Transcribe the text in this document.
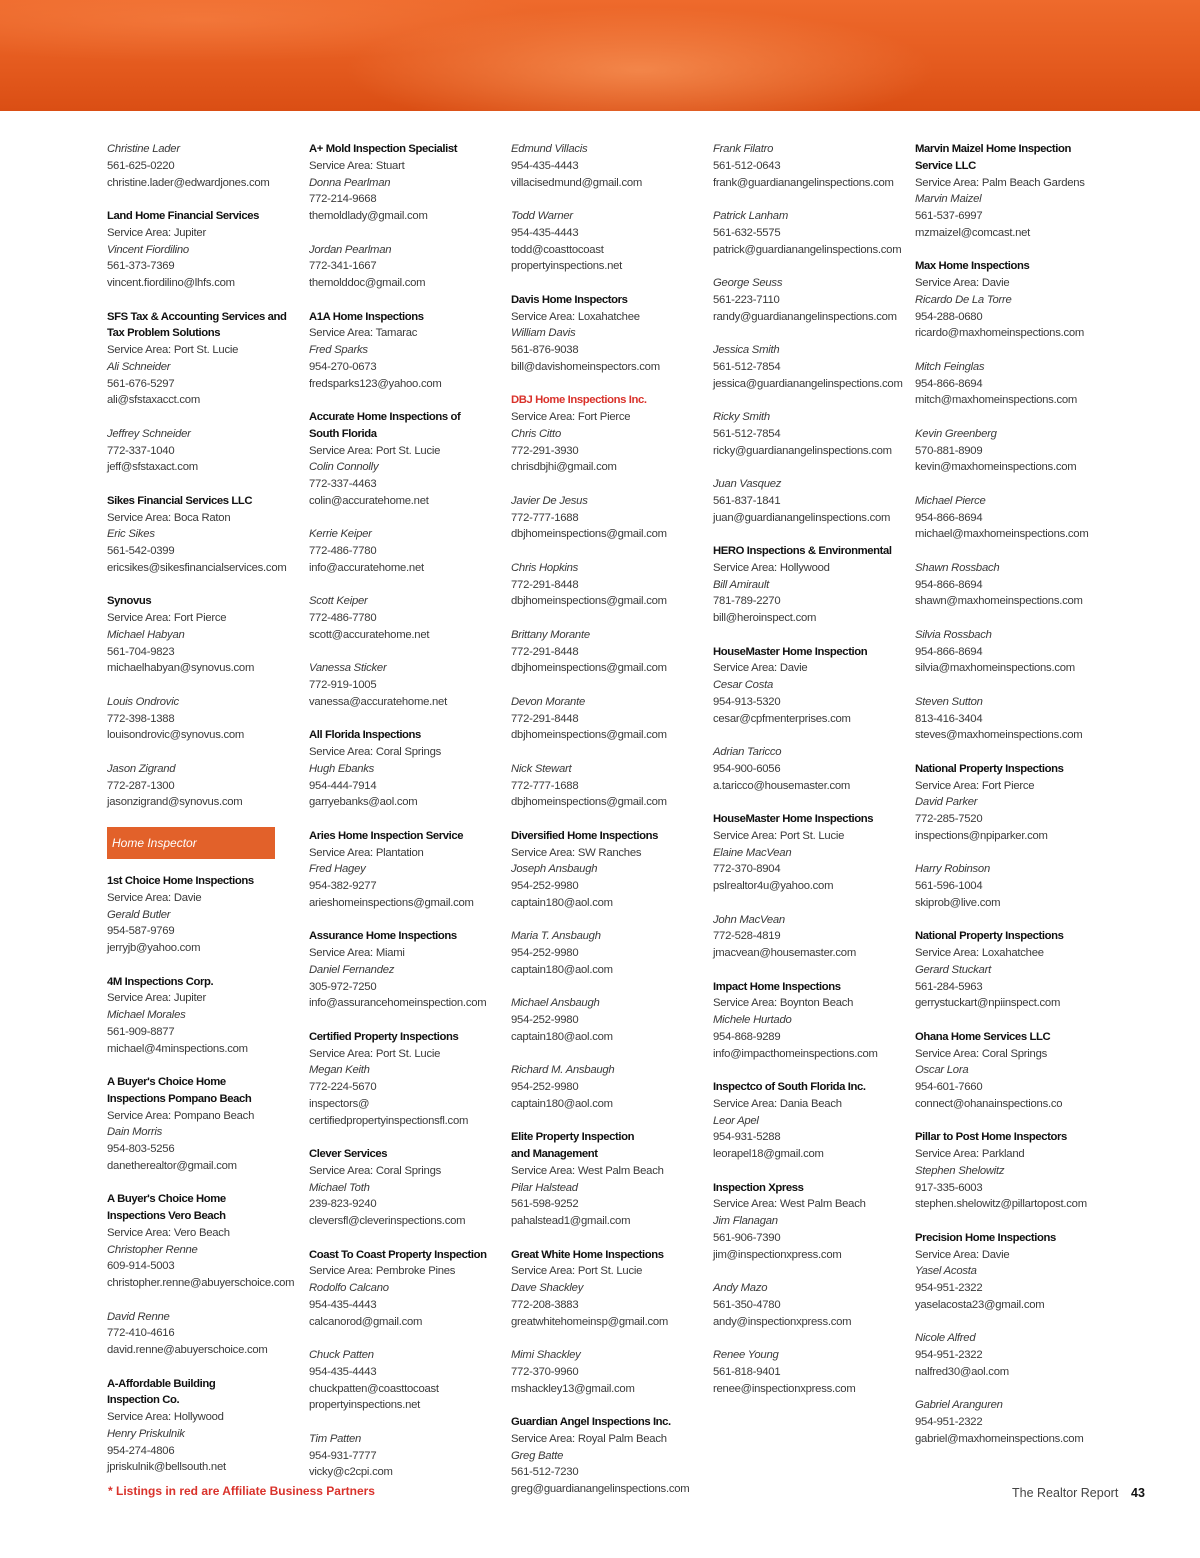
Christine Lader
561-625-0220
christine.lader@edwardjones.com
Land Home Financial Services
Service Area: Jupiter
Vincent Fiordilino
561-373-7369
vincent.fiordilino@lhfs.com
SFS Tax & Accounting Services and
Tax Problem Solutions
Service Area: Port St. Lucie
Ali Schneider
561-676-5297
ali@sfstaxacct.com
Jeffrey Schneider
772-337-1040
jeff@sfstaxact.com
Sikes Financial Services LLC
Service Area: Boca Raton
Eric Sikes
561-542-0399
ericsikes@sikesfinancialservices.com
Synovus
Service Area: Fort Pierce
Michael Habyan
561-704-9823
michaelhabyan@synovus.com
Louis Ondrovic
772-398-1388
louisondrovic@synovus.com
Jason Zigrand
772-287-1300
jasonzigrand@synovus.com
Home Inspector
1st Choice Home Inspections
Service Area: Davie
Gerald Butler
954-587-9769
jerryjb@yahoo.com
4M Inspections Corp.
Service Area: Jupiter
Michael Morales
561-909-8877
michael@4minspections.com
A Buyer's Choice Home
Inspections Pompano Beach
Service Area: Pompano Beach
Dain Morris
954-803-5256
danetherealtor@gmail.com
A Buyer's Choice Home
Inspections Vero Beach
Service Area: Vero Beach
Christopher Renne
609-914-5003
christopher.renne@abuyerschoice.com
David Renne
772-410-4616
david.renne@abuyerschoice.com
A-Affordable Building
Inspection Co.
Service Area: Hollywood
Henry Priskulnik
954-274-4806
jpriskulnik@bellsouth.net
A+ Mold Inspection Specialist
Service Area: Stuart
Donna Pearlman
772-214-9668
themoldlady@gmail.com
Jordan Pearlman
772-341-1667
themolddoc@gmail.com
A1A Home Inspections
Service Area: Tamarac
Fred Sparks
954-270-0673
fredsparks123@yahoo.com
Accurate Home Inspections of
South Florida
Service Area: Port St. Lucie
Colin Connolly
772-337-4463
colin@accuratehome.net
Kerrie Keiper
772-486-7780
info@accuratehome.net
Scott Keiper
772-486-7780
scott@accuratehome.net
Vanessa Sticker
772-919-1005
vanessa@accuratehome.net
All Florida Inspections
Service Area: Coral Springs
Hugh Ebanks
954-444-7914
garryebanks@aol.com
Aries Home Inspection Service
Service Area: Plantation
Fred Hagey
954-382-9277
arieshomeinspections@gmail.com
Assurance Home Inspections
Service Area: Miami
Daniel Fernandez
305-972-7250
info@assurancehomeinspection.com
Certified Property Inspections
Service Area: Port St. Lucie
Megan Keith
772-224-5670
inspectors@
certifiedpropertyinspectionsfl.com
Clever Services
Service Area: Coral Springs
Michael Toth
239-823-9240
cleversfl@cleverinspections.com
Coast To Coast Property Inspection
Service Area: Pembroke Pines
Rodolfo Calcano
954-435-4443
calcanorod@gmail.com
Chuck Patten
954-435-4443
chuckpatten@coasttocoast
propertyinspections.net
Tim Patten
954-931-7777
vicky@c2cpi.com
Edmund Villacis
954-435-4443
villacisedmund@gmail.com
Todd Warner
954-435-4443
todd@coasttocoast
propertyinspections.net
Davis Home Inspectors
Service Area: Loxahatchee
William Davis
561-876-9038
bill@davishomeinspectors.com
DBJ Home Inspections Inc.
Service Area: Fort Pierce
Chris Citto
772-291-3930
chrisdbjhi@gmail.com
Javier De Jesus
772-777-1688
dbjhomeinspections@gmail.com
Chris Hopkins
772-291-8448
dbjhomeinspections@gmail.com
Brittany Morante
772-291-8448
dbjhomeinspections@gmail.com
Devon Morante
772-291-8448
dbjhomeinspections@gmail.com
Nick Stewart
772-777-1688
dbjhomeinspections@gmail.com
Diversified Home Inspections
Service Area: SW Ranches
Joseph Ansbaugh
954-252-9980
captain180@aol.com
Maria T. Ansbaugh
954-252-9980
captain180@aol.com
Michael Ansbaugh
954-252-9980
captain180@aol.com
Richard M. Ansbaugh
954-252-9980
captain180@aol.com
Elite Property Inspection
and Management
Service Area: West Palm Beach
Pilar Halstead
561-598-9252
pahalstead1@gmail.com
Great White Home Inspections
Service Area: Port St. Lucie
Dave Shackley
772-208-3883
greatwhitehomeinsp@gmail.com
Mimi Shackley
772-370-9960
mshackley13@gmail.com
Guardian Angel Inspections Inc.
Service Area: Royal Palm Beach
Greg Batte
561-512-7230
greg@guardianangelinspections.com
Frank Filatro
561-512-0643
frank@guardianangelinspections.com
Patrick Lanham
561-632-5575
patrick@guardianangelinspections.com
George Seuss
561-223-7110
randy@guardianangelinspections.com
Jessica Smith
561-512-7854
jessica@guardianangelinspections.com
Ricky Smith
561-512-7854
ricky@guardianangelinspections.com
Juan Vasquez
561-837-1841
juan@guardianangelinspections.com
HERO Inspections & Environmental
Service Area: Hollywood
Bill Amirault
781-789-2270
bill@heroinspect.com
HouseMaster Home Inspection
Service Area: Davie
Cesar Costa
954-913-5320
cesar@cpfmenterprises.com
Adrian Taricco
954-900-6056
a.taricco@housemaster.com
HouseMaster Home Inspections
Service Area: Port St. Lucie
Elaine MacVean
772-370-8904
pslrealtor4u@yahoo.com
John MacVean
772-528-4819
jmacvean@housemaster.com
Impact Home Inspections
Service Area: Boynton Beach
Michele Hurtado
954-868-9289
info@impacthomeinspections.com
Inspectco of South Florida Inc.
Service Area: Dania Beach
Leor Apel
954-931-5288
leorapel18@gmail.com
Inspection Xpress
Service Area: West Palm Beach
Jim Flanagan
561-906-7390
jim@inspectionxpress.com
Andy Mazo
561-350-4780
andy@inspectionxpress.com
Renee Young
561-818-9401
renee@inspectionxpress.com
Marvin Maizel Home Inspection
Service LLC
Service Area: Palm Beach Gardens
Marvin Maizel
561-537-6997
mzmaizel@comcast.net
Max Home Inspections
Service Area: Davie
Ricardo De La Torre
954-288-0680
ricardo@maxhomeinspections.com
Mitch Feinglas
954-866-8694
mitch@maxhomeinspections.com
Kevin Greenberg
570-881-8909
kevin@maxhomeinspections.com
Michael Pierce
954-866-8694
michael@maxhomeinspections.com
Shawn Rossbach
954-866-8694
shawn@maxhomeinspections.com
Silvia Rossbach
954-866-8694
silvia@maxhomeinspections.com
Steven Sutton
813-416-3404
steves@maxhomeinspections.com
National Property Inspections
Service Area: Fort Pierce
David Parker
772-285-7520
inspections@npiparker.com
Harry Robinson
561-596-1004
skiprob@live.com
National Property Inspections
Service Area: Loxahatchee
Gerard Stuckart
561-284-5963
gerrystuckart@npiinspect.com
Ohana Home Services LLC
Service Area: Coral Springs
Oscar Lora
954-601-7660
connect@ohanainspections.co
Pillar to Post Home Inspectors
Service Area: Parkland
Stephen Shelowitz
917-335-6003
stephen.shelowitz@pillartopost.com
Precision Home Inspections
Service Area: Davie
Yasel Acosta
954-951-2322
yaselacosta23@gmail.com
Nicole Alfred
954-951-2322
nalfred30@aol.com
Gabriel Aranguren
954-951-2322
gabriel@maxhomeinspections.com
* Listings in red are Affiliate Business Partners	The Realtor Report 43
